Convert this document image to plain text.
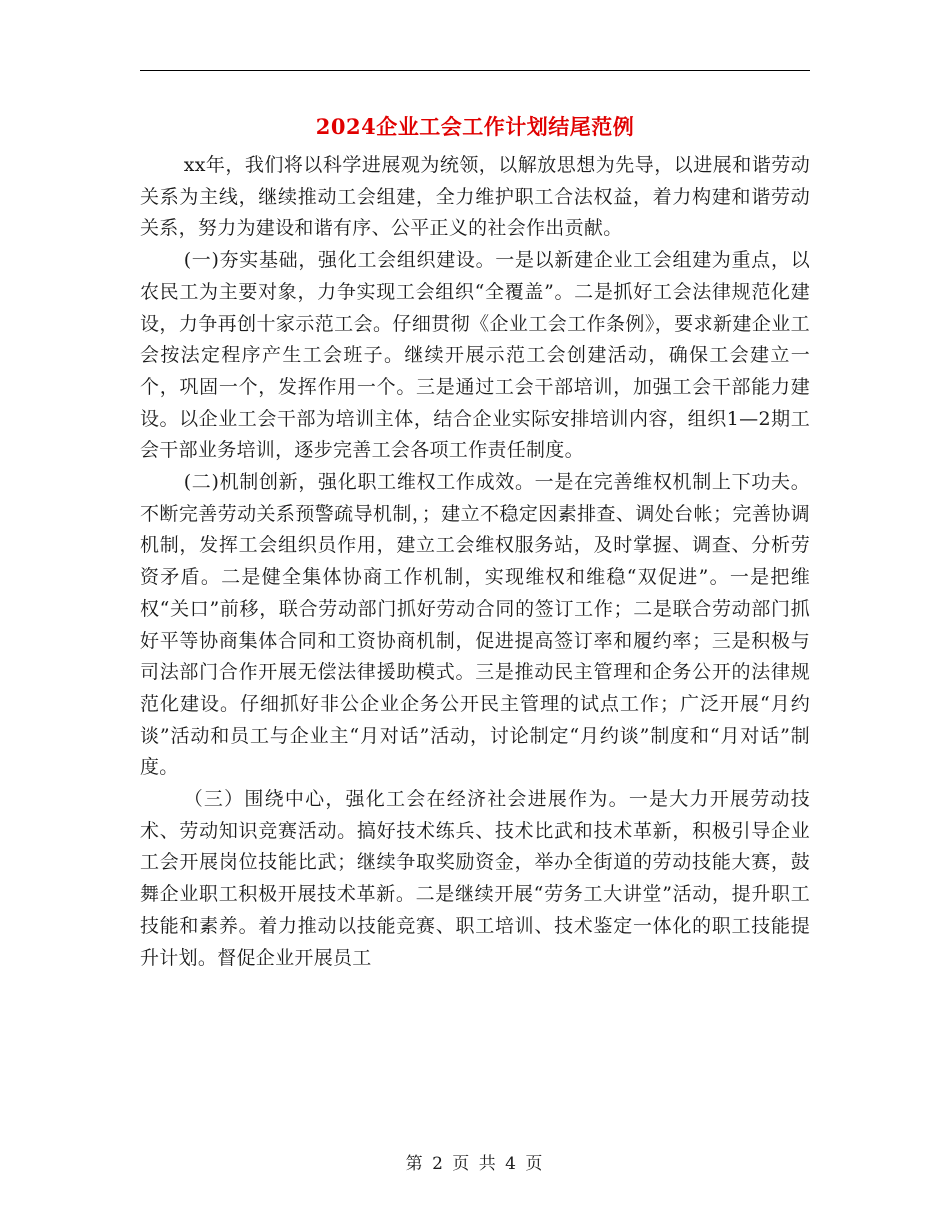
2024企业工会工作计划结尾范例

xx年，我们将以科学进展观为统领，以解放思想为先导，以进展和谐劳动关系为主线，继续推动工会组建，全力维护职工合法权益，着力构建和谐劳动关系，努力为建设和谐有序、公平正义的社会作出贡献。

(一)夯实基础，强化工会组织建设。一是以新建企业工会组建为重点，以农民工为主要对象，力争实现工会组织“全覆盖”。二是抓好工会法律规范化建设，力争再创十家示范工会。仔细贯彻《企业工会工作条例》，要求新建企业工会按法定程序产生工会班子。继续开展示范工会创建活动，确保工会建立一个，巩固一个，发挥作用一个。三是通过工会干部培训，加强工会干部能力建设。以企业工会干部为培训主体，结合企业实际安排培训内容，组织1—2期工会干部业务培训，逐步完善工会各项工作责任制度。

(二)机制创新，强化职工维权工作成效。一是在完善维权机制上下功夫。不断完善劳动关系预警疏导机制，；建立不稳定因素排查、调处台帐；完善协调机制，发挥工会组织员作用，建立工会维权服务站，及时掌握、调查、分析劳资矛盾。二是健全集体协商工作机制，实现维权和维稳“双促进”。一是把维权“关口”前移，联合劳动部门抓好劳动合同的签订工作；二是联合劳动部门抓好平等协商集体合同和工资协商机制，促进提高签订率和履约率；三是积极与司法部门合作开展无偿法律援助模式。三是推动民主管理和企务公开的法律规范化建设。仔细抓好非公企业企务公开民主管理的试点工作；广泛开展“月约谈”活动和员工与企业主“月对话”活动，讨论制定“月约谈”制度和“月对话”制度。

（三）围绕中心，强化工会在经济社会进展作为。一是大力开展劳动技术、劳动知识竞赛活动。搞好技术练兵、技术比武和技术革新，积极引导企业工会开展岗位技能比武；继续争取奖励资金，举办全街道的劳动技能大赛，鼓舞企业职工积极开展技术革新。二是继续开展“劳务工大讲堂”活动，提升职工技能和素养。着力推动以技能竞赛、职工培训、技术鉴定一体化的职工技能提升计划。督促企业开展员工

第 2 页 共 4 页
